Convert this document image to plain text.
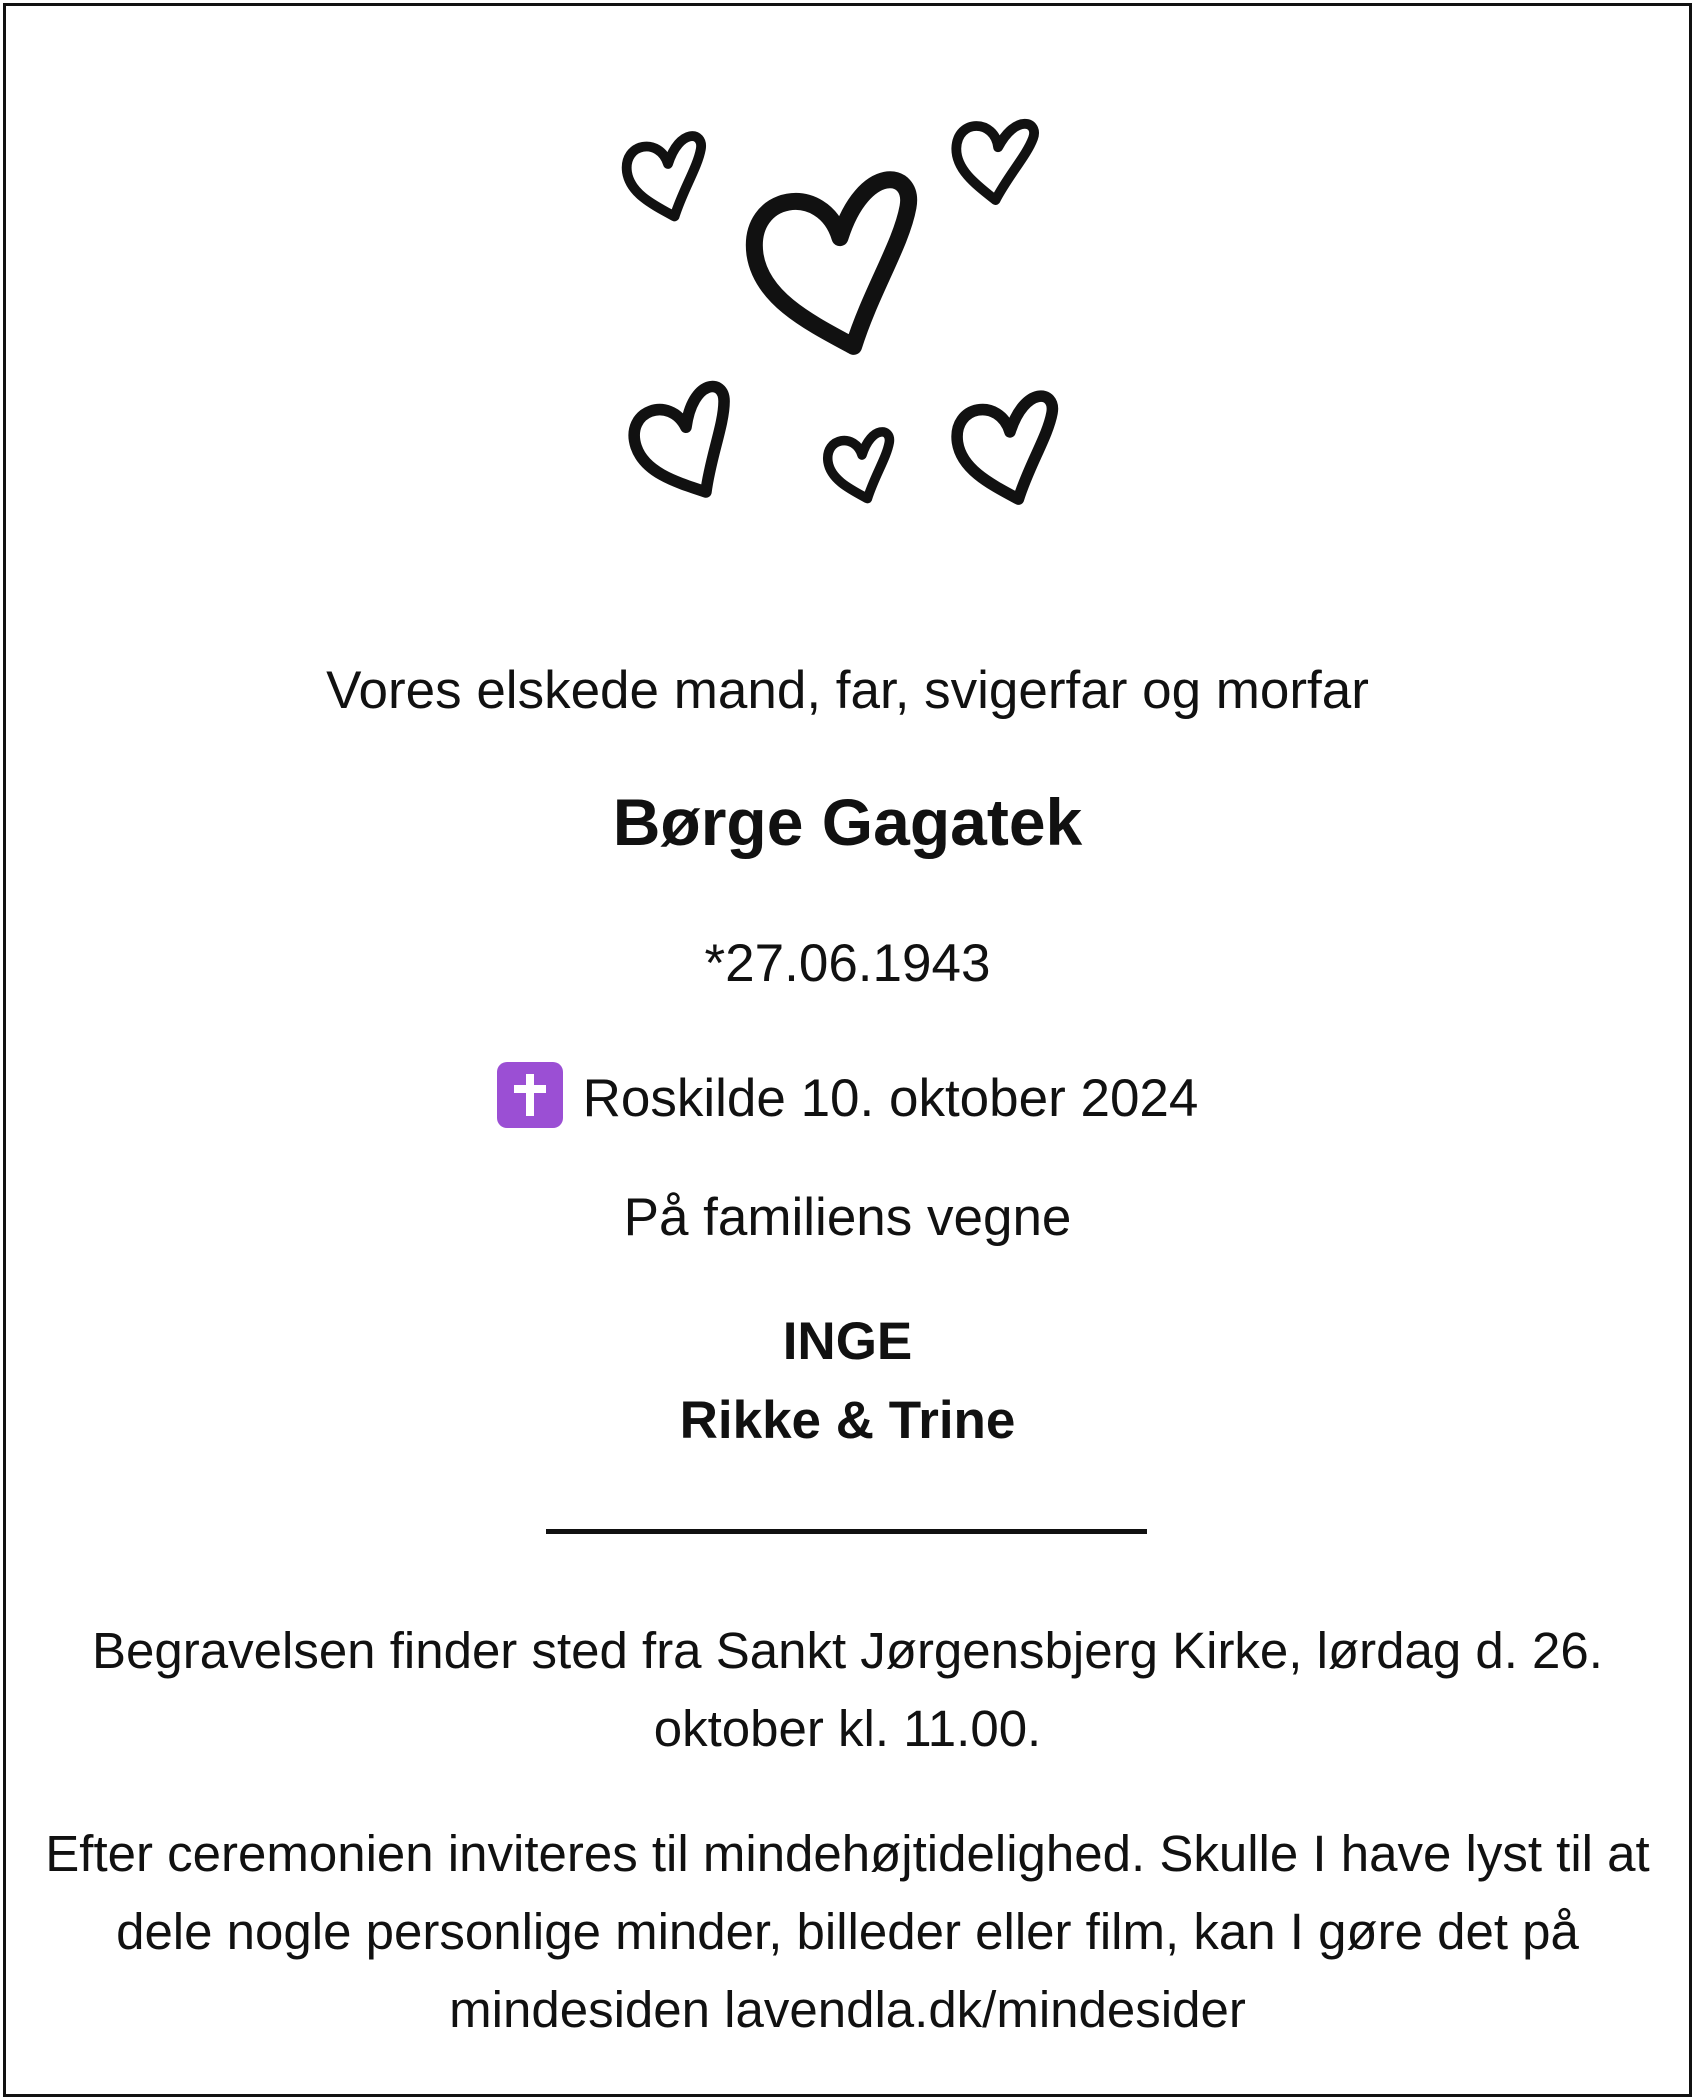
Vores elskede mand, far, svigerfar og morfar
Børge Gagatek
*27.06.1943
Roskilde 10. oktober 2024
På familiens vegne
INGE
Rikke & Trine
Begravelsen finder sted fra Sankt Jørgensbjerg Kirke, lørdag d. 26. oktober kl. 11.00.
Efter ceremonien inviteres til mindehøjtidelighed. Skulle I have lyst til at dele nogle personlige minder, billeder eller film, kan I gøre det på mindesiden lavendla.dk/mindesider
